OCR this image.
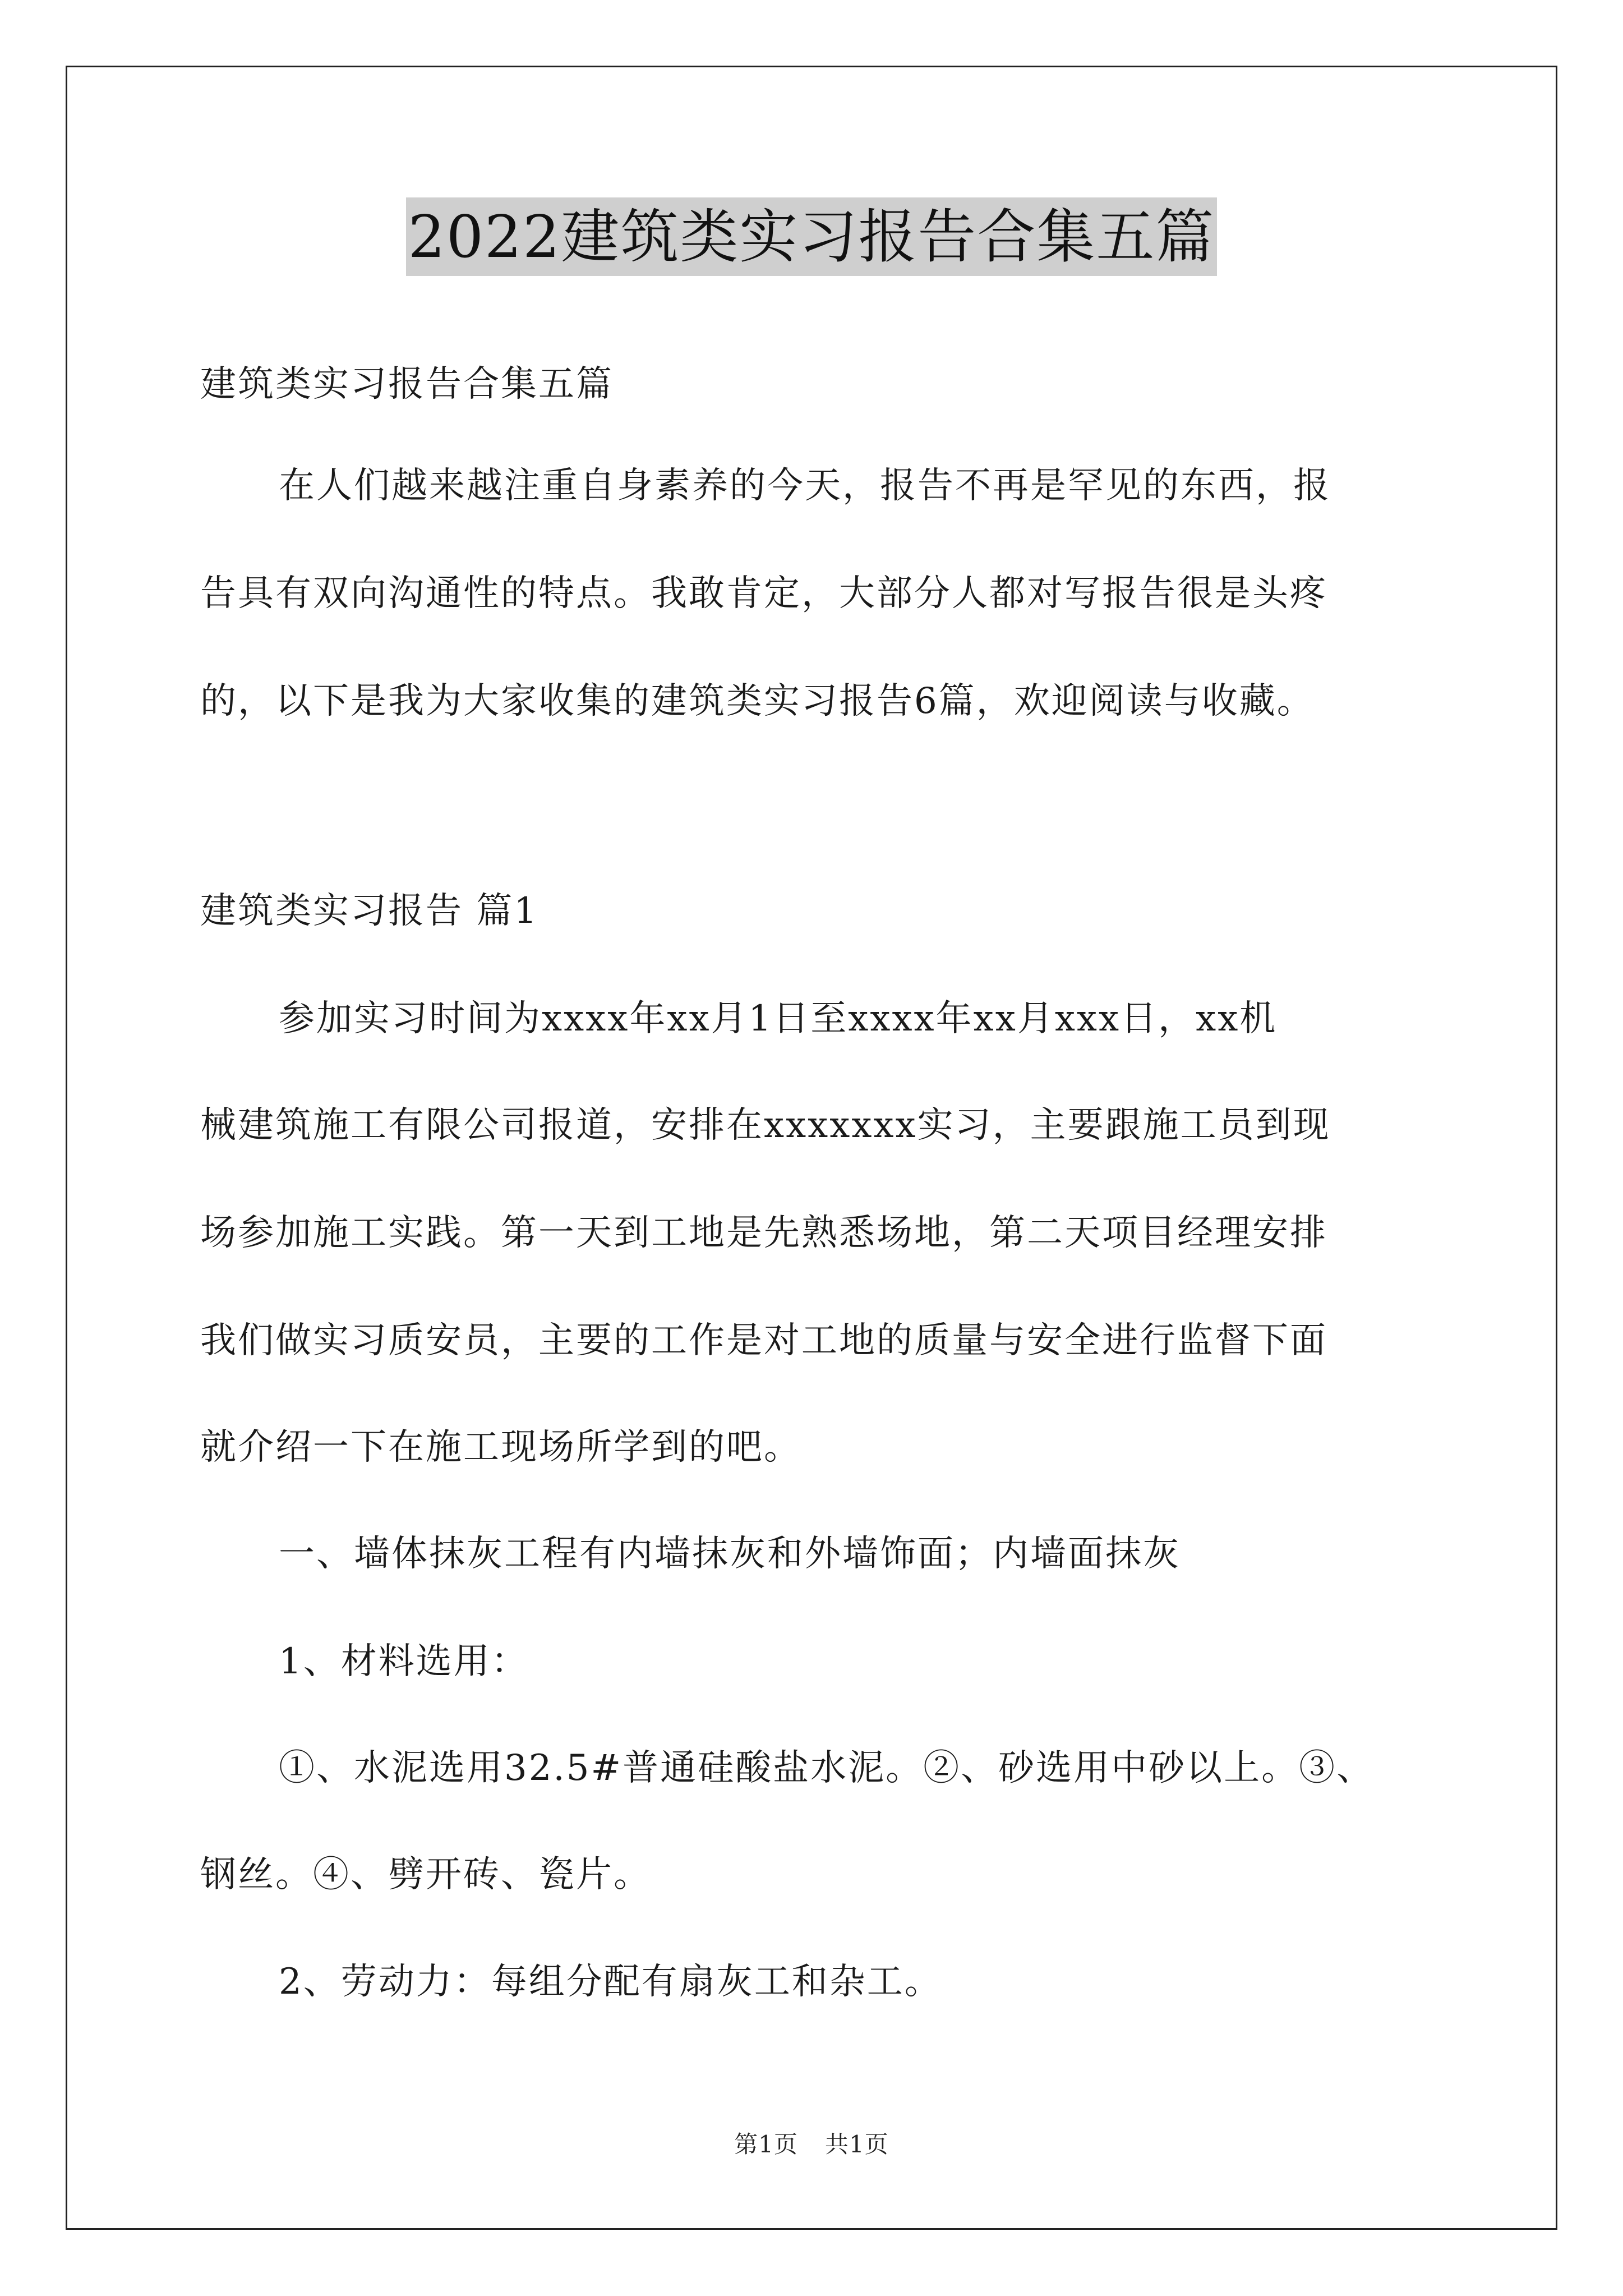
2022建筑类实习报告合集五篇
建筑类实习报告合集五篇
在人们越来越注重自身素养的今天，报告不再是罕见的东西，报
告具有双向沟通性的特点。我敢肯定，大部分人都对写报告很是头疼
的，以下是我为大家收集的建筑类实习报告6篇，欢迎阅读与收藏。
建筑类实习报告 篇1
参加实习时间为xxxx年xx月1日至xxxx年xx月xxx日，xx机
械建筑施工有限公司报道，安排在xxxxxxx实习，主要跟施工员到现
场参加施工实践。第一天到工地是先熟悉场地，第二天项目经理安排
我们做实习质安员，主要的工作是对工地的质量与安全进行监督下面
就介绍一下在施工现场所学到的吧。
一、墙体抹灰工程有内墙抹灰和外墙饰面；内墙面抹灰
1、材料选用：
①、水泥选用32.5#普通硅酸盐水泥。②、砂选用中砂以上。③、
钢丝。④、劈开砖、瓷片。
2、劳动力：每组分配有扇灰工和杂工。
第1页 共1页
